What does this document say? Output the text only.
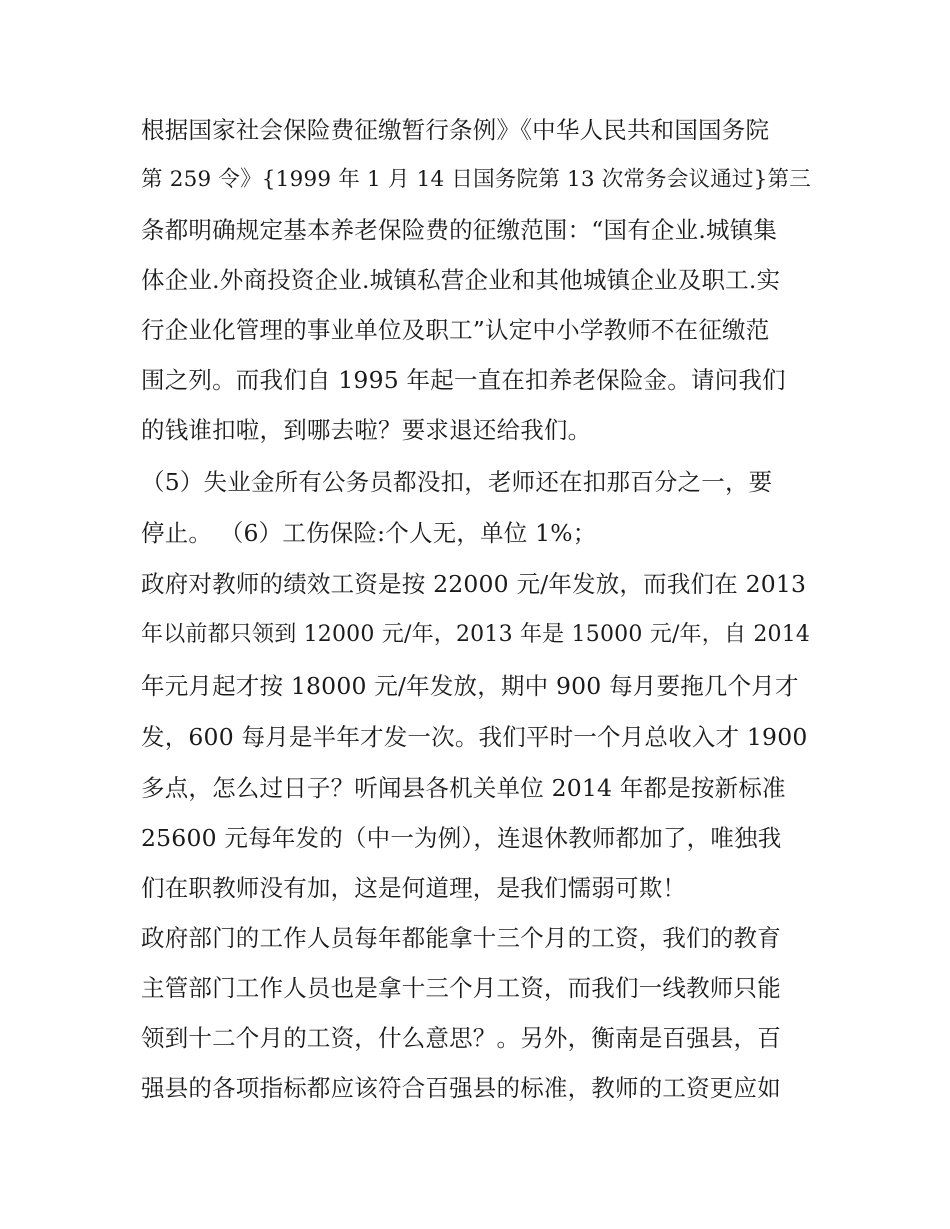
根据国家社会保险费征缴暂行条例》《中华人民共和国国务院
第 259 令》{1999 年 1 月 14 日国务院第 13 次常务会议通过}第三
条都明确规定基本养老保险费的征缴范围：“国有企业.城镇集
体企业.外商投资企业.城镇私营企业和其他城镇企业及职工.实
行企业化管理的事业单位及职工”认定中小学教师不在征缴范
围之列。而我们自 1995 年起一直在扣养老保险金。请问我们
的钱谁扣啦，到哪去啦？要求退还给我们。
（5）失业金所有公务员都没扣，老师还在扣那百分之一，要
停止。 （6）工伤保险:个人无，单位 1%；
政府对教师的绩效工资是按 22000 元/年发放，而我们在 2013
年以前都只领到 12000 元/年，2013 年是 15000 元/年，自 2014
年元月起才按 18000 元/年发放，期中 900 每月要拖几个月才
发，600 每月是半年才发一次。我们平时一个月总收入才 1900
多点，怎么过日子？听闻县各机关单位 2014 年都是按新标准
25600 元每年发的（中一为例），连退休教师都加了，唯独我
们在职教师没有加，这是何道理，是我们懦弱可欺！
政府部门的工作人员每年都能拿十三个月的工资，我们的教育
主管部门工作人员也是拿十三个月工资，而我们一线教师只能
领到十二个月的工资，什么意思？。另外，衡南是百强县，百
强县的各项指标都应该符合百强县的标准，教师的工资更应如
